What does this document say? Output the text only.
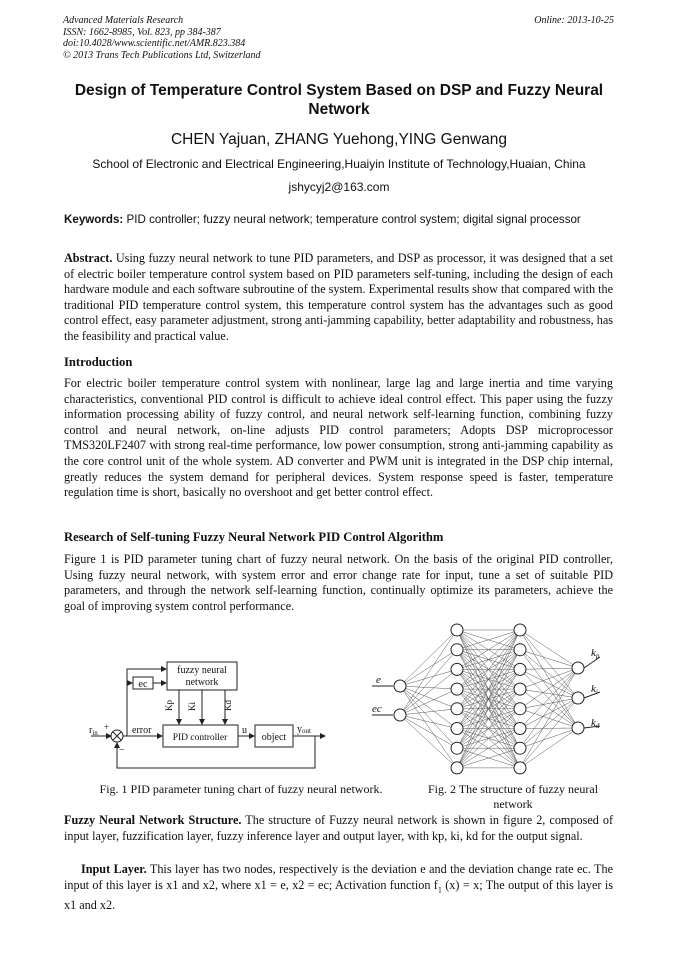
Advanced Materials Research
ISSN: 1662-8985, Vol. 823, pp 384-387
doi:10.4028/www.scientific.net/AMR.823.384
© 2013 Trans Tech Publications Ltd, Switzerland
Online: 2013-10-25
Design of Temperature Control System Based on DSP and Fuzzy Neural Network
CHEN Yajuan, ZHANG Yuehong,YING Genwang
School of Electronic and Electrical Engineering,Huaiyin Institute of Technology,Huaian, China
jshycyj2@163.com
Keywords: PID controller; fuzzy neural network; temperature control system; digital signal processor
Abstract. Using fuzzy neural network to tune PID parameters, and DSP as processor, it was designed that a set of electric boiler temperature control system based on PID parameters self-tuning, including the design of each hardware module and each software subroutine of the system. Experimental results show that compared with the traditional PID temperature control system, this temperature control system has the advantages such as good control effect, easy parameter adjustment, strong anti-jamming capability, better adaptability and robustness, has the feasibility and practical value.
Introduction
For electric boiler temperature control system with nonlinear, large lag and large inertia and time varying characteristics, conventional PID control is difficult to achieve ideal control effect. This paper using the fuzzy information processing ability of fuzzy control, and neural network self-learning function, combining fuzzy control and neural network, on-line adjusts PID control parameters; Adopts DSP microprocessor TMS320LF2407 with strong real-time performance, low power consumption, strong anti-jamming capability as the core control unit of the whole system. AD converter and PWM unit is integrated in the DSP chip internal, greatly reduces the system demand for peripheral devices. System response speed is faster, temperature regulation time is short, basically no overshoot and get better control effect.
Research of Self-tuning Fuzzy Neural Network PID Control Algorithm
Figure 1 is PID parameter tuning chart of fuzzy neural network. On the basis of the original PID controller, Using fuzzy neural network, with system error and error change rate for input, tune a set of suitable PID parameters, and through the network self-learning function, continually optimize its parameters, achieve the goal of improving system control performance.
fuzzy neural
network
ec
Kp Ki	Kd
$r_{in}$
+
−
error
PID controller
u
object
yout
Fig. 1 PID parameter tuning chart of fuzzy neural network.
e
ec
kp
ki
kd
Fig. 2 The structure of fuzzy neural network
Fuzzy Neural Network Structure. The structure of Fuzzy neural network is shown in figure 2, composed of input layer, fuzzification layer, fuzzy inference layer and output layer, with kp, ki, kd for the output signal.
Input Layer. This layer has two nodes, respectively is the deviation e and the deviation change rate ec. The input of this layer is x1 and x2, where x1 = e, x2 = ec; Activation function $f_1$ (x) = x; The output of this layer is x1 and x2.
